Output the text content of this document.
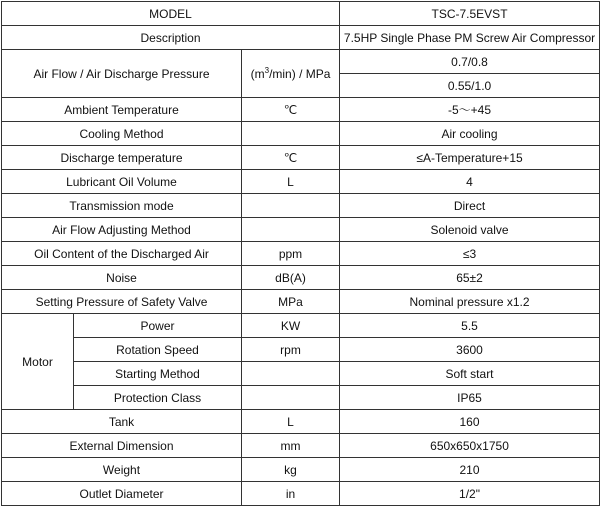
MODEL			TSC-7.5EVST
Description			7.5HP Single Phase PM Screw Air Compressor
Air Flow / Air Discharge Pressure		$(m^3/\min)$ / MPa	0.7/0.8
			0.55/1.0
Ambient Temperature		℃	-5～+45
Cooling Method			Air cooling
Discharge temperature		℃	≤A-Temperature+15
Lubricant Oil Volume		L	4
Transmission mode			Direct
Air Flow Adjusting Method			Solenoid valve
Oil Content of the Discharged Air		ppm	≤3
Noise		dB(A)	65±2
Setting Pressure of Safety Valve		MPa	Nominal pressure x1.2
Motor	Power	KW	5.5
	Rotation Speed	rpm	3600
	Starting Method		Soft start
	Protection Class		IP65
Tank		L	160
External Dimension		mm	650x650x1750
Weight		kg	210
Outlet Diameter		in	1/2"
